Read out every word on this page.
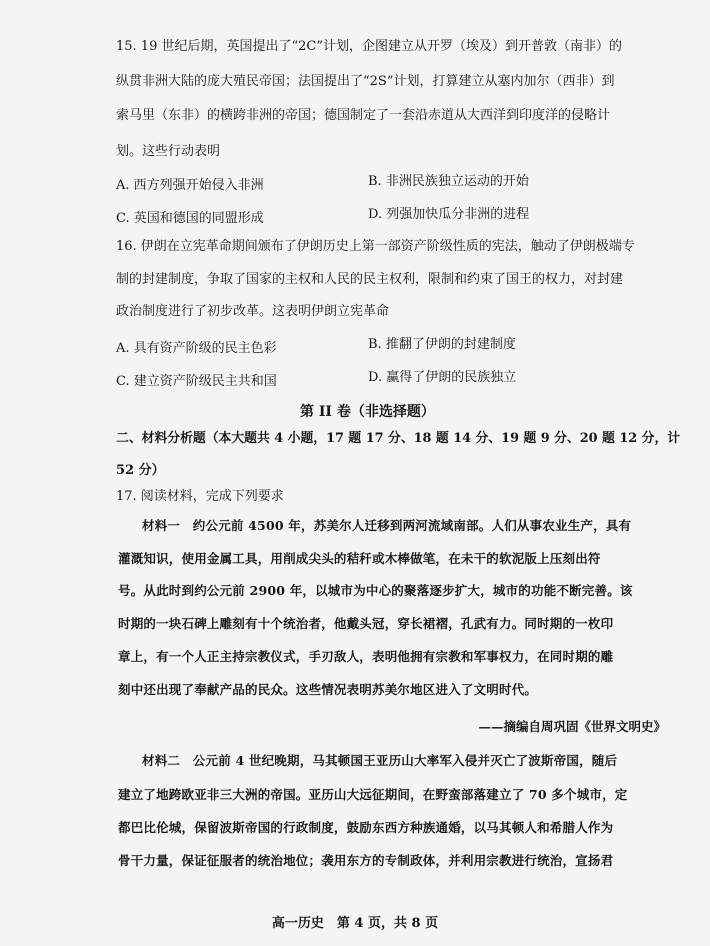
15. 19 世纪后期，英国提出了“2C”计划，企图建立从开罗（埃及）到开普敦（南非）的
纵贯非洲大陆的庞大殖民帝国；法国提出了“2S”计划，打算建立从塞内加尔（西非）到
索马里（东非）的横跨非洲的帝国；德国制定了一套沿赤道从大西洋到印度洋的侵略计
划。这些行动表明
A. 西方列强开始侵入非洲	B. 非洲民族独立运动的开始
C. 英国和德国的同盟形成	D. 列强加快瓜分非洲的进程
16. 伊朗在立宪革命期间颁布了伊朗历史上第一部资产阶级性质的宪法，触动了伊朗极端专
制的封建制度，争取了国家的主权和人民的民主权利，限制和约束了国王的权力，对封建
政治制度进行了初步改革。这表明伊朗立宪革命
A. 具有资产阶级的民主色彩	B. 推翻了伊朗的封建制度
C. 建立资产阶级民主共和国	D. 赢得了伊朗的民族独立
第 II 卷（非选择题）
二、材料分析题（本大题共 4 小题，17 题 17 分、18 题 14 分、19 题 9 分、20 题 12 分，计
52 分）
17. 阅读材料，完成下列要求
材料一　约公元前 4500 年，苏美尔人迁移到两河流域南部。人们从事农业生产，具有
灌溉知识，使用金属工具，用削成尖头的秸秆或木棒做笔，在未干的软泥版上压刻出符
号。从此时到约公元前 2900 年，以城市为中心的聚落逐步扩大，城市的功能不断完善。该
时期的一块石碑上雕刻有十个统治者，他戴头冠，穿长裙褶，孔武有力。同时期的一枚印
章上，有一个人正主持宗教仪式，手刃敌人，表明他拥有宗教和军事权力，在同时期的雕
刻中还出现了奉献产品的民众。这些情况表明苏美尔地区进入了文明时代。
——摘编自周巩固《世界文明史》
材料二　公元前 4 世纪晚期，马其顿国王亚历山大率军入侵并灭亡了波斯帝国，随后
建立了地跨欧亚非三大洲的帝国。亚历山大远征期间，在野蛮部落建立了 70 多个城市，定
都巴比伦城，保留波斯帝国的行政制度，鼓励东西方种族通婚，以马其顿人和希腊人作为
骨干力量，保证征服者的统治地位；袭用东方的专制政体，并利用宗教进行统治，宣扬君
高一历史　第 4 页，共 8 页
